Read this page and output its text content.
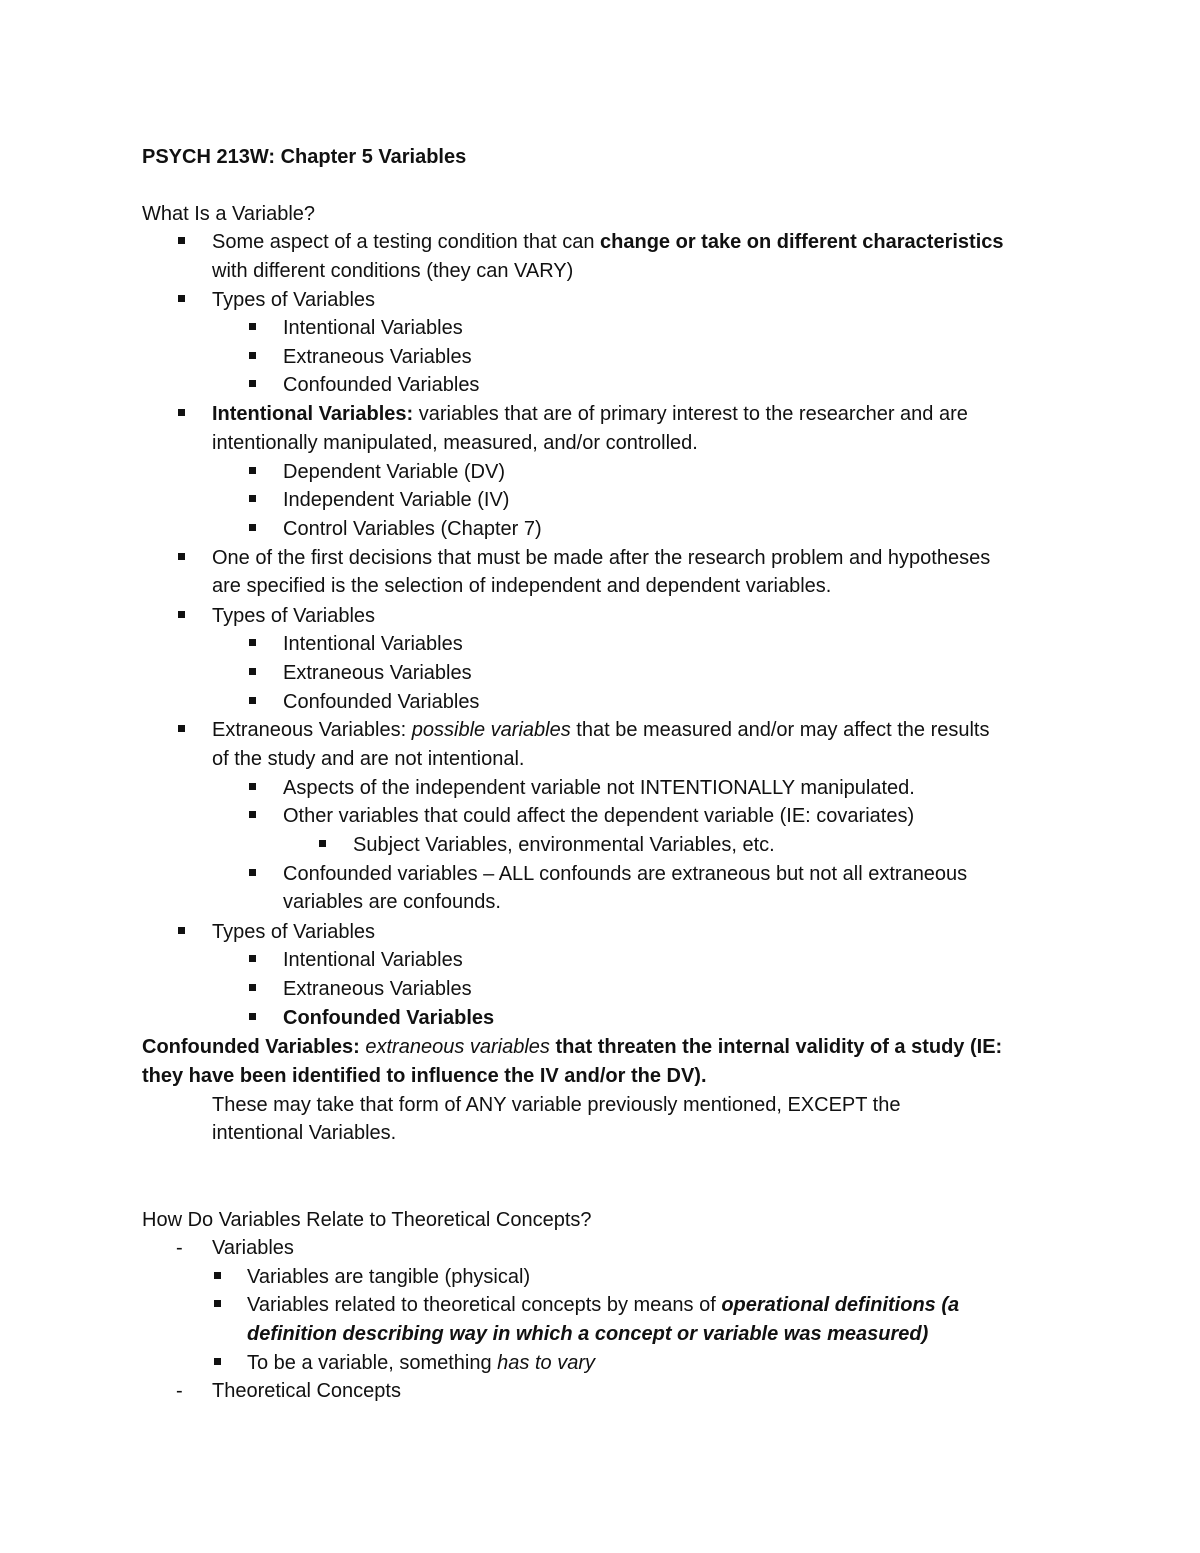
PSYCH 213W: Chapter 5 Variables
What Is a Variable?
Some aspect of a testing condition that can change or take on different characteristics
with different conditions (they can VARY)
Types of Variables
Intentional Variables
Extraneous Variables
Confounded Variables
Intentional Variables: variables that are of primary interest to the researcher and are
intentionally manipulated, measured, and/or controlled.
Dependent Variable (DV)
Independent Variable (IV)
Control Variables (Chapter 7)
One of the first decisions that must be made after the research problem and hypotheses
are specified is the selection of independent and dependent variables.
Types of Variables
Intentional Variables
Extraneous Variables
Confounded Variables
Extraneous Variables: possible variables that be measured and/or may affect the results
of the study and are not intentional.
Aspects of the independent variable not INTENTIONALLY manipulated.
Other variables that could affect the dependent variable (IE: covariates)
Subject Variables, environmental Variables, etc.
Confounded variables – ALL confounds are extraneous but not all extraneous
variables are confounds.
Types of Variables
Intentional Variables
Extraneous Variables
Confounded Variables
Confounded Variables: extraneous variables that threaten the internal validity of a study (IE:
they have been identified to influence the IV and/or the DV).
These may take that form of ANY variable previously mentioned, EXCEPT the
intentional Variables.
How Do Variables Relate to Theoretical Concepts?
- Variables
Variables are tangible (physical)
Variables related to theoretical concepts by means of operational definitions (a
definition describing way in which a concept or variable was measured)
To be a variable, something has to vary
- Theoretical Concepts
